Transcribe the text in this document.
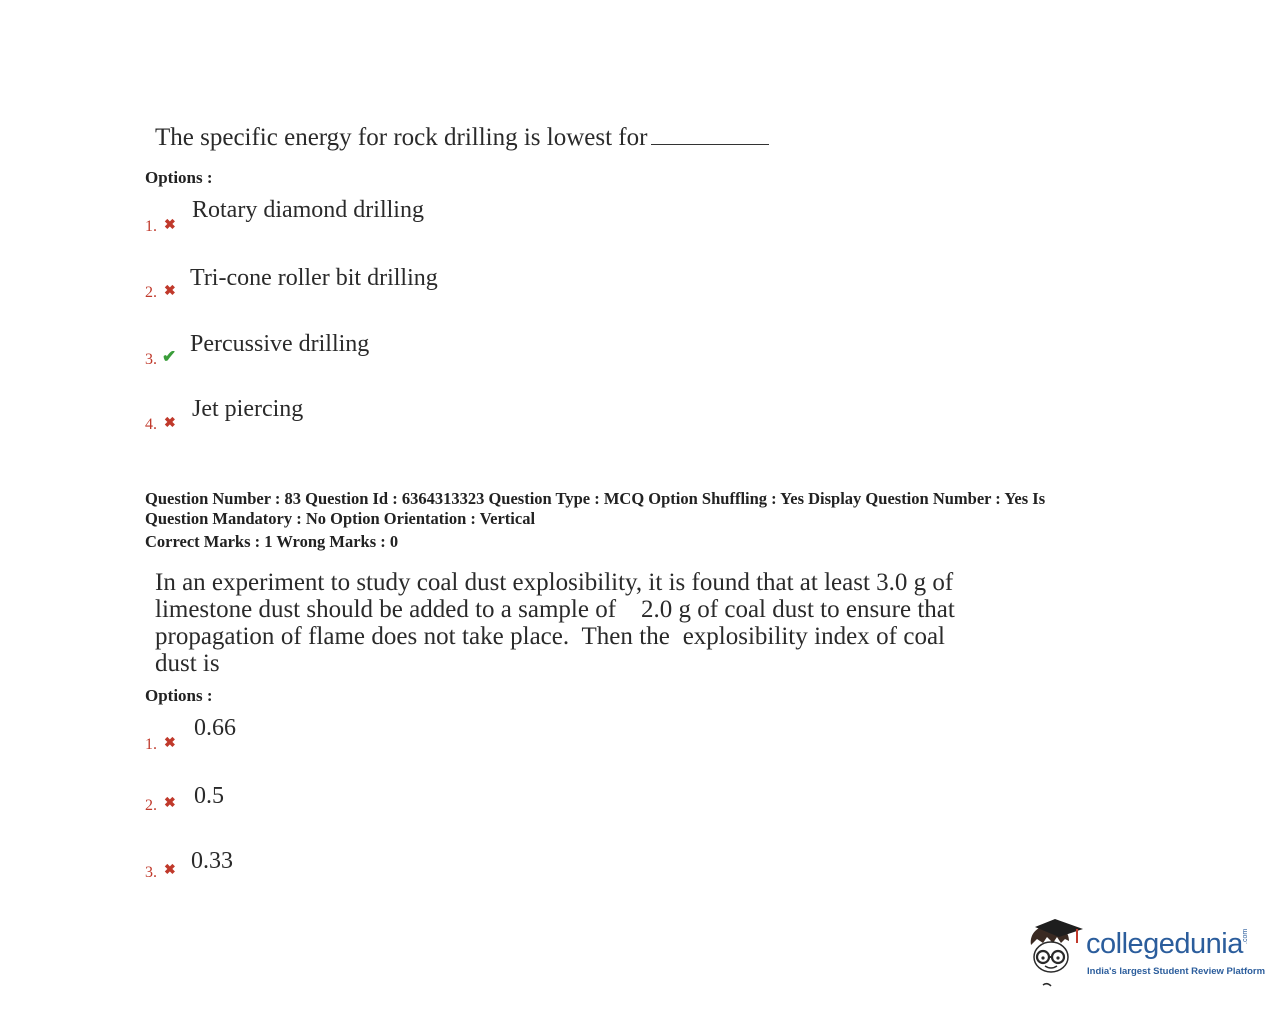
The specific energy for rock drilling is lowest for
Options :
1. ✖
Rotary diamond drilling
2. ✖
Tri-cone roller bit drilling
3. ✔ Percussive drilling
4. ✖
Jet piercing
Question Number : 83 Question Id : 6364313323 Question Type : MCQ Option Shuffling : Yes Display Question Number : Yes Is
Question Mandatory : No Option Orientation : Vertical
Correct Marks : 1 Wrong Marks : 0
In an experiment to study coal dust explosibility, it is found that at least 3.0 g of
limestone dust should be added to a sample of    2.0 g of coal dust to ensure that
propagation of flame does not take place.  Then the  explosibility index of coal
dust is
Options :
1. ✖
0.66
2. ✖ 0.5
3. ✖ 0.33
collegedunia .com
India's largest Student Review Platform
